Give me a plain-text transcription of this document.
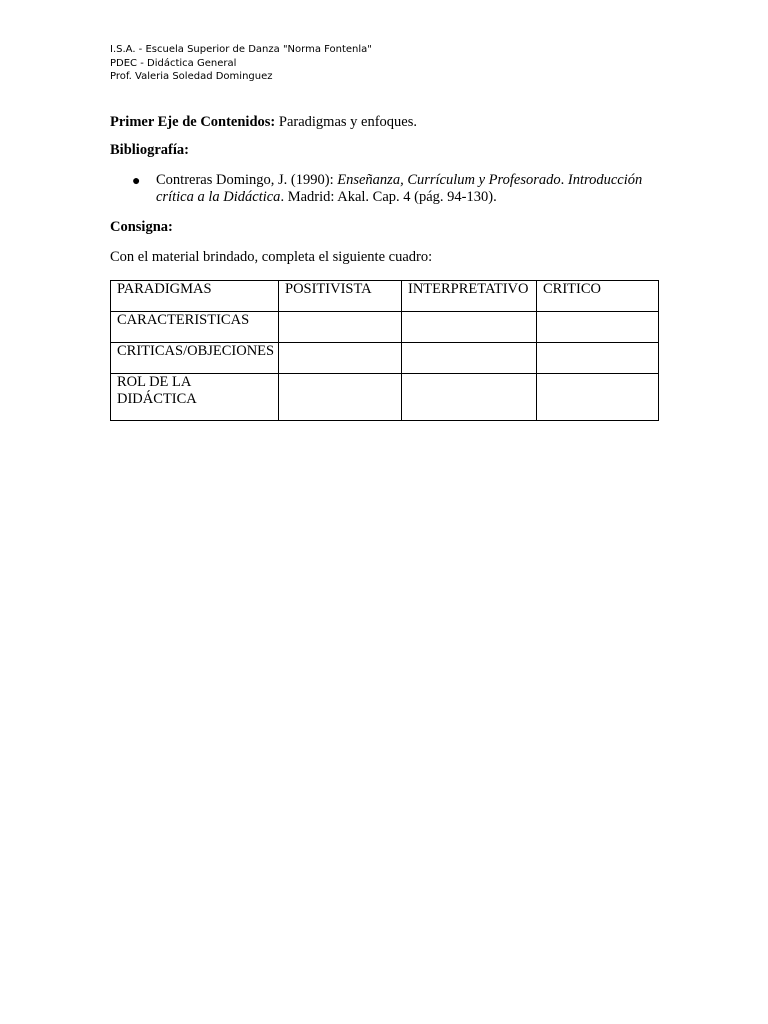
I.S.A. - Escuela Superior de Danza "Norma Fontenla"
PDEC - Didáctica General
Prof. Valeria Soledad Dominguez

Primer Eje de Contenidos: Paradigmas y enfoques.

Bibliografía:

● Contreras Domingo, J. (1990): Enseñanza, Currículum y Profesorado. Introducción crítica a la Didáctica. Madrid: Akal. Cap. 4 (pág. 94-130).

Consigna:

Con el material brindado, completa el siguiente cuadro:

PARADIGMAS	POSITIVISTA	INTERPRETATIVO	CRITICO
CARACTERISTICAS			
CRITICAS/OBJECIONES			
ROL DE LA DIDÁCTICA			
